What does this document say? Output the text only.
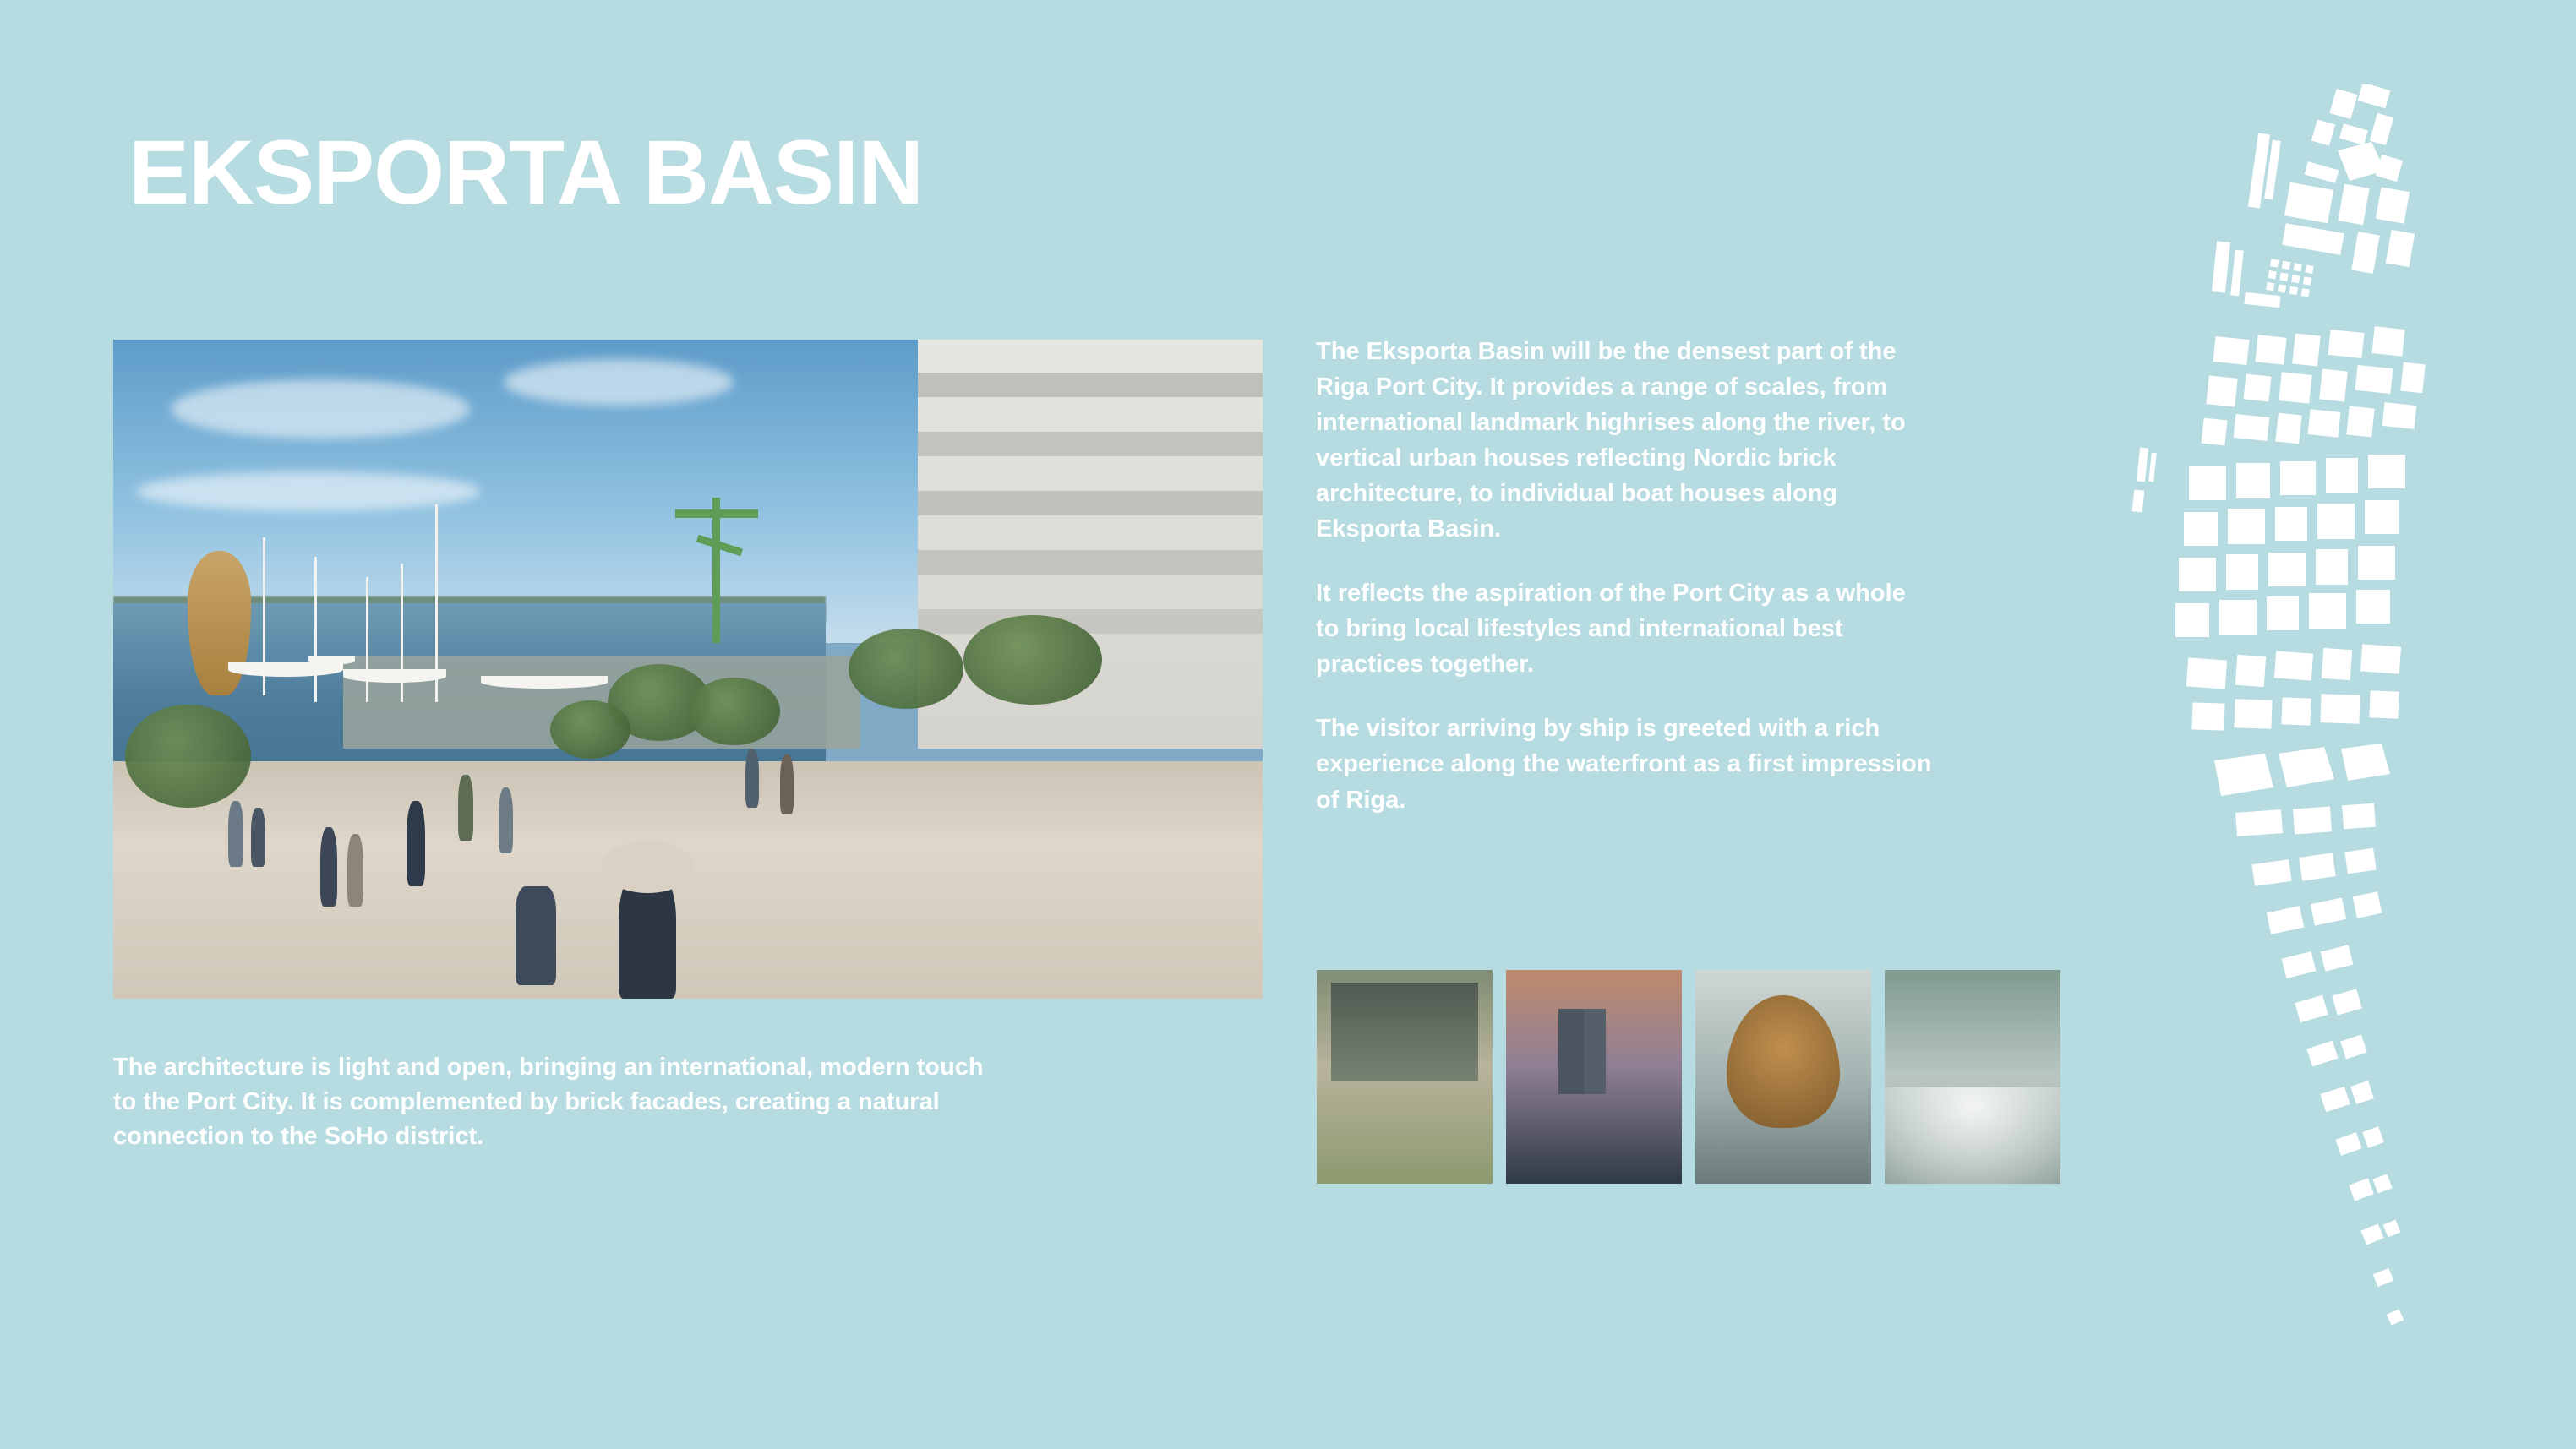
EKSPORTA BASIN
The architecture is light and open, bringing an international, modern touch to the Port City. It is complemented by brick facades, creating a natural connection to the SoHo district.

The Eksporta Basin will be the densest part of the Riga Port City. It provides a range of scales, from international landmark highrises along the river, to vertical urban houses reflecting Nordic brick architecture, to individual boat houses along Eksporta Basin.

It reflects the aspiration of the Port City as a whole to bring local lifestyles and international best practices together.

The visitor arriving by ship is greeted with a rich experience along the waterfront as a first impression of Riga.
